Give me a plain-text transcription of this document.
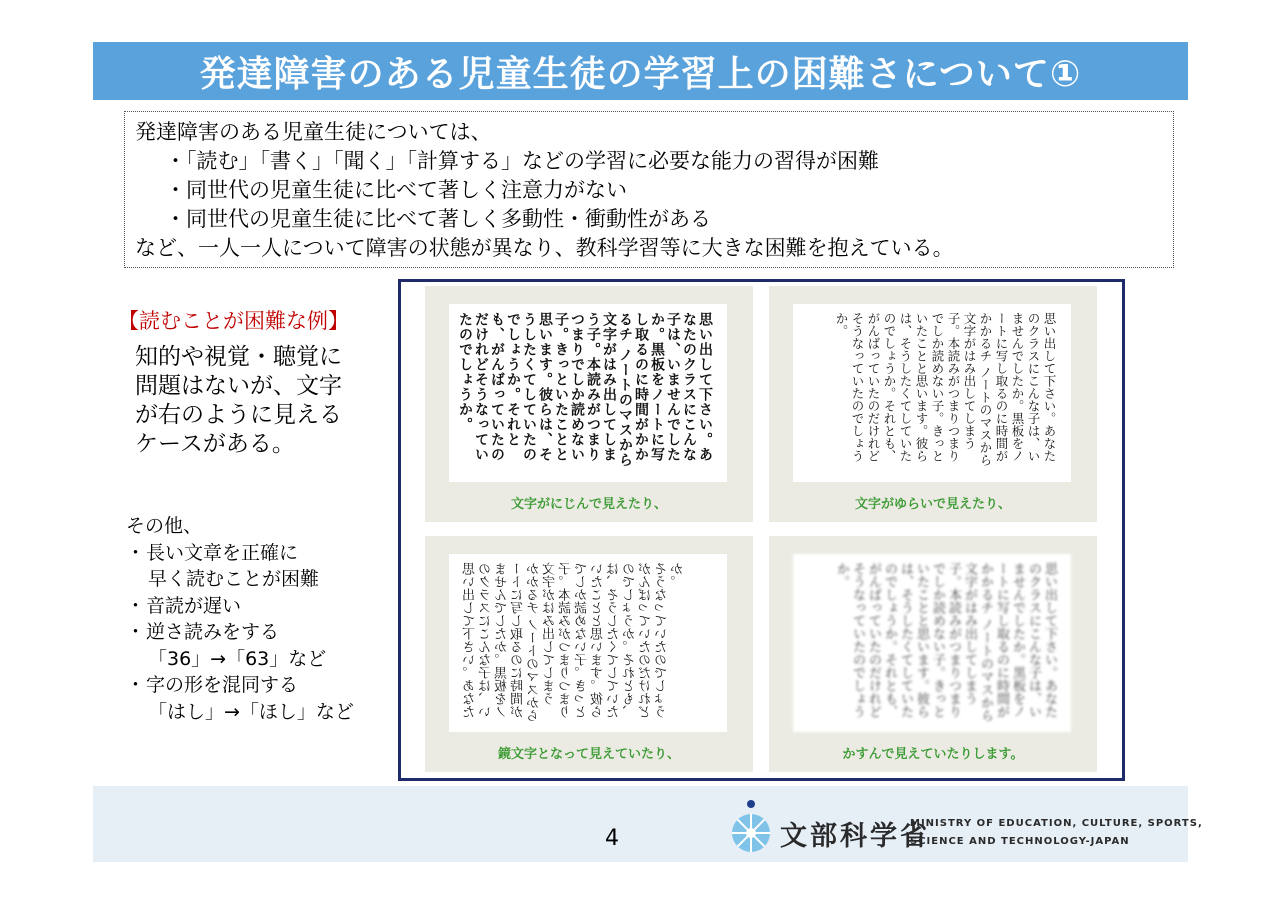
発達障害のある児童生徒の学習上の困難さについて①
発達障害のある児童生徒については、
・「読む」「書く」「聞く」「計算する」などの学習に必要な能力の習得が困難
・同世代の児童生徒に比べて著しく注意力がない
・同世代の児童生徒に比べて著しく多動性・衝動性がある
など、一人一人について障害の状態が異なり、教科学習等に大きな困難を抱えている。
【読むことが困難な例】
知的や視覚・聴覚に
問題はないが、文字
が右のように見える
ケースがある。
その他、
・長い文章を正確に
早く読むことが困難
・音読が遅い
・逆さ読みをする
「36」→「63」など
・字の形を混同する
「はし」→「ほし」など
思い出して下さい。あなたのクラスにこんな子は、いませんでしたか。黒板をノートに写し取るのに時間がかかるチ ノートのマスから文字がはみ出してしまう子。本読みがつまりつまりでしか読めない子。きっといたことと思います。彼らは、そうしたくてしていたのでしょうか。それとも、がんばっていたのだけれどそうなっていたのでしょうか。
文字がにじんで見えたり、
思い出して下さい。あなたのクラスにこんな子は、いませんでしたか。黒板をノートに写し取るのに時間がかかるチ ノートのマスから文字がはみ出してしまう子。本読みがつまりつまりでしか読めない子。きっといたことと思います。彼らは、そうしたくてしていたのでしょうか。それとも、がんばっていたのだけれどそうなっていたのでしょうか。
文字がゆらいで見えたり、
思い出して下さい。あなたのクラスにこんな子は、いませんでしたか。黒板をノートに写し取るのに時間がかかるチ ノートのマスから文字がはみ出してしまう子。本読みがつまりつまりでしか読めない子。きっといたことと思います。彼らは、そうしたくてしていたのでしょうか。それとも、がんばっていたのだけれどそうなっていたのでしょうか。
鏡文字となって見えていたり、
思い出して下さい。あなたのクラスにこんな子は、いませんでしたか。黒板をノートに写し取るのに時間がかかるチ ノートのマスから文字がはみ出してしまう子。本読みがつまりつまりでしか読めない子。きっといたことと思います。彼らは、そうしたくてしていたのでしょうか。それとも、がんばっていたのだけれどそうなっていたのでしょうか。
かすんで見えていたりします。
4	文部科学省
MINISTRY OF EDUCATION, CULTURE, SPORTS,
SCIENCE AND TECHNOLOGY-JAPAN
